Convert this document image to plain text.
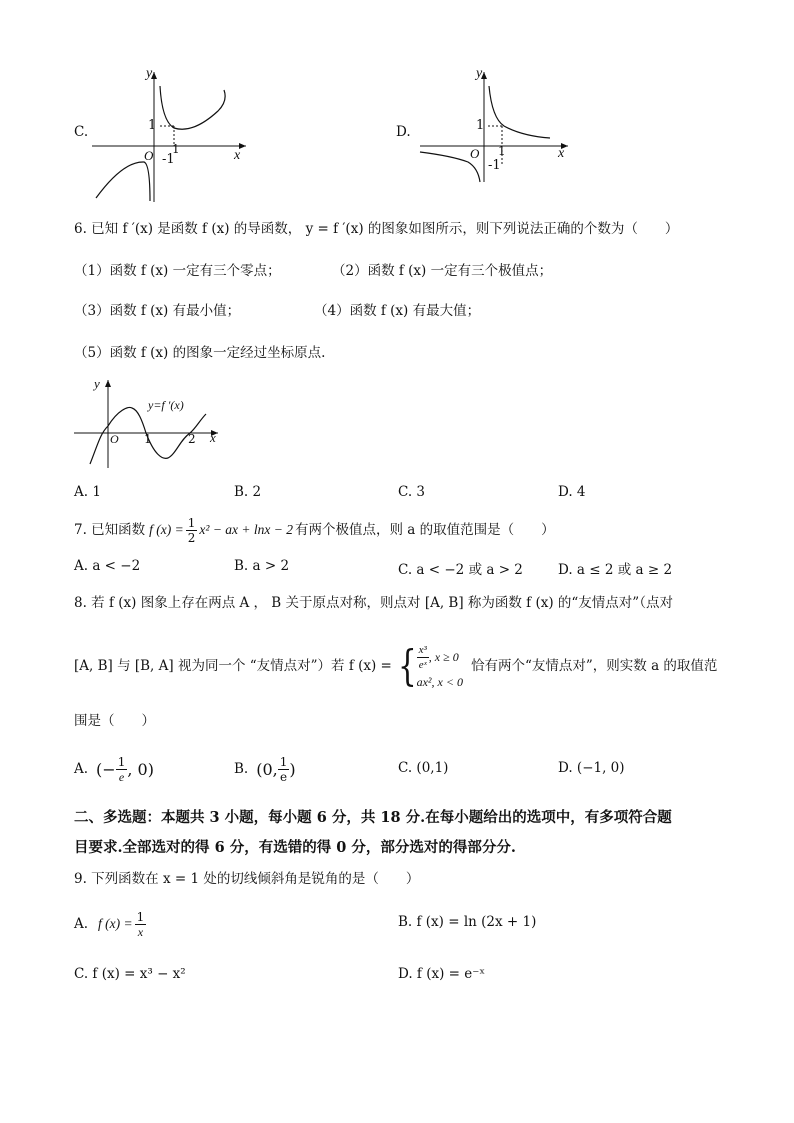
C.
y
x
O
1
-1
1
D.
y
x
O
1
-1
1
6. 已知 f ′(x) 是函数 f (x) 的导函数， y = f ′(x) 的图象如图所示，则下列说法正确的个数为（　　）
（1）函数 f (x) 一定有三个零点；	（2）函数 f (x) 一定有三个极值点；
（3）函数 f (x) 有最小值；	（4）函数 f (x) 有最大值；
（5）函数 f (x) 的图象一定经过坐标原点.
y
x
O 1	2
y=f ′(x)
A. 1	B. 2	C. 3	D. 4
7. 已知函数 f $(x) = \frac{1}{2} x^2$ − ax + lnx − 2 有两个极值点，则 a 的取值范围是（　　）
A. a < −2	B. a > 2	C. a < −2 或 a > 2	D. a ≤ 2 或 a ≥ 2
8. 若 f (x) 图象上存在两点 A ， B 关于原点对称，则点对 [A, B] 称为函数 f (x) 的“友情点对”（点对
[A, B] 与 [B, A] 视为同一个 “友情点对”）若 f (x) = { $\frac{\text{x³}}{\text{eˣ}}$ , x ≥ 0
ax², x < 0
恰有两个“友情点对”，则实数 a 的取值范
围是（　　）
A. (− $\frac{1}{e}$ , 0)	B. (0, $\frac{1}{e}$ )	C. (0,1)	D. (−1, 0)
二、多选题：本题共 3 小题，每小题 6 分，共 18 分.在每小题给出的选项中，有多项符合题
目要求.全部选对的得 6 分，有选错的得 0 分，部分选对的得部分分.
9. 下列函数在 x = 1 处的切线倾斜角是锐角的是（　　）
A. f $(x) = \frac{1}{x}$	B. f (x) = ln (2x + 1)
C. f (x) = x³ − x²	D. f (x) = e⁻ˣ
